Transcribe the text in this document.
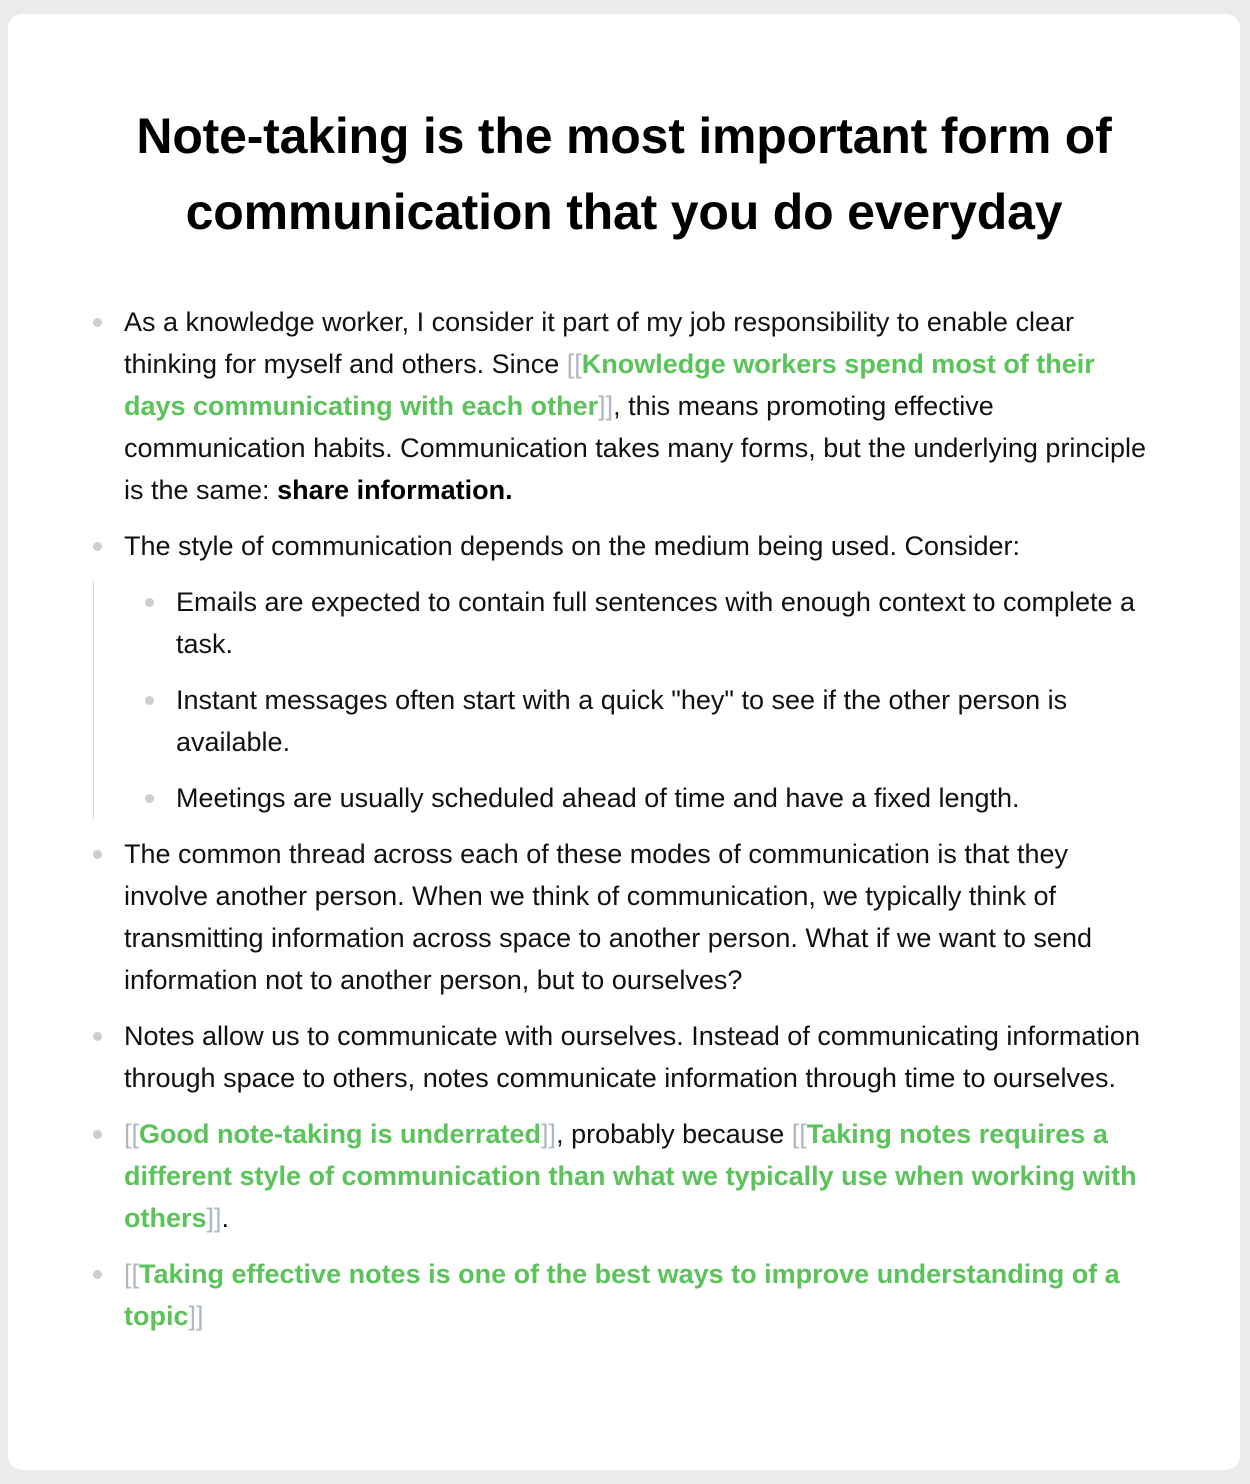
Note-taking is the most important form of communication that you do everyday
As a knowledge worker, I consider it part of my job responsibility to enable clear thinking for myself and others. Since [[Knowledge workers spend most of their days communicating with each other]], this means promoting effective communication habits. Communication takes many forms, but the underlying principle is the same: share information.
The style of communication depends on the medium being used. Consider:
Emails are expected to contain full sentences with enough context to complete a task.
Instant messages often start with a quick "hey" to see if the other person is available.
Meetings are usually scheduled ahead of time and have a fixed length.
The common thread across each of these modes of communication is that they involve another person. When we think of communication, we typically think of transmitting information across space to another person. What if we want to send information not to another person, but to ourselves?
Notes allow us to communicate with ourselves. Instead of communicating information through space to others, notes communicate information through time to ourselves.
[[Good note-taking is underrated]], probably because [[Taking notes requires a different style of communication than what we typically use when working with others]].
[[Taking effective notes is one of the best ways to improve understanding of a topic]]
